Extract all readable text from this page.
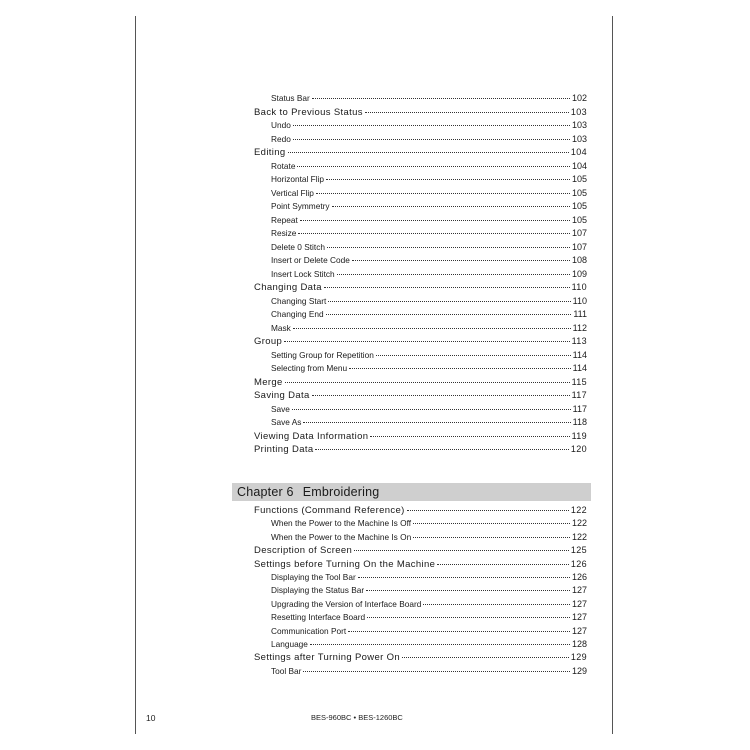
Status Bar	102
Back to Previous Status	103
Undo	103
Redo	103
Editing	104
Rotate	104
Horizontal Flip	105
Vertical Flip	105
Point Symmetry	105
Repeat	105
Resize	107
Delete 0 Stitch	107
Insert or Delete Code	108
Insert Lock Stitch	109
Changing Data	110
Changing Start	110
Changing End	111
Mask	112
Group	113
Setting Group for Repetition	114
Selecting from Menu	114
Merge	115
Saving Data	117
Save	117
Save As	118
Viewing Data Information	119
Printing Data	120
Chapter 6 Embroidering
Functions (Command Reference)	122
When the Power to the Machine Is Off	122
When the Power to the Machine Is On	122
Description of Screen	125
Settings before Turning On the Machine	126
Displaying the Tool Bar	126
Displaying the Status Bar	127
Upgrading the Version of Interface Board	127
Resetting Interface Board	127
Communication Port	127
Language	128
Settings after Turning Power On	129
Tool Bar	129
10	BES-960BC • BES-1260BC
